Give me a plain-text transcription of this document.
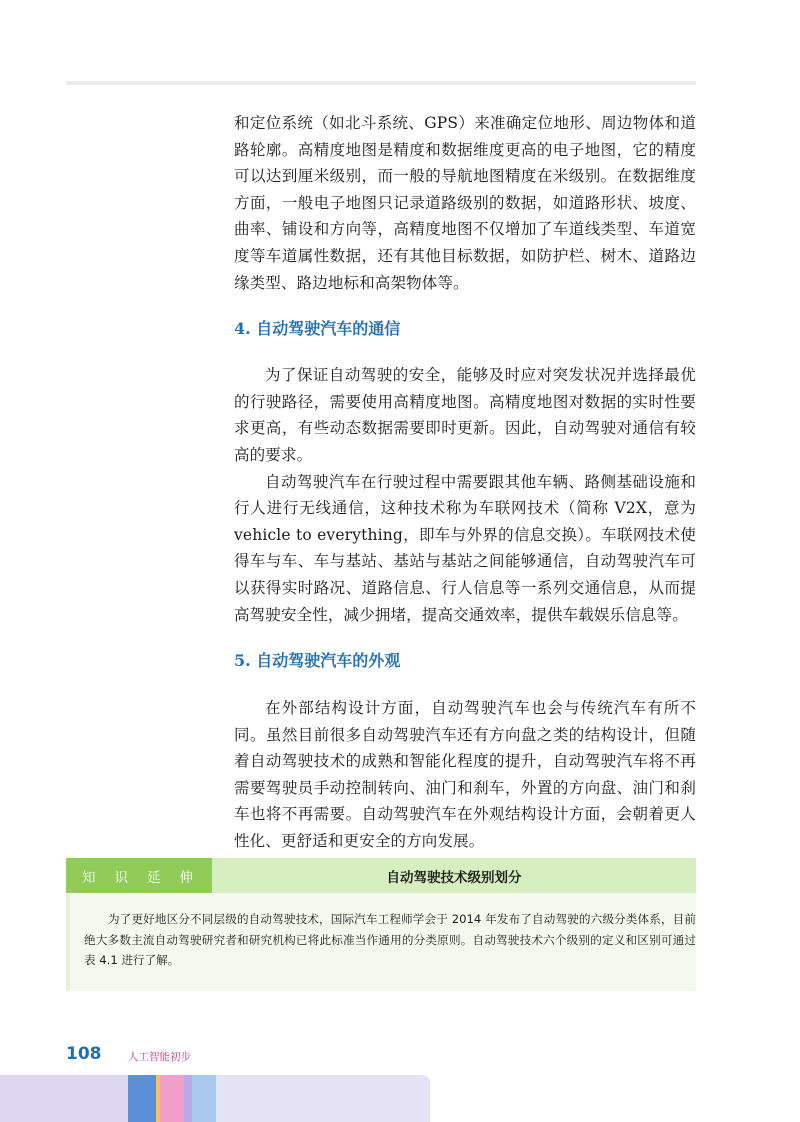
和定位系统（如北斗系统、GPS）来准确定位地形、周边物体和道路轮廓。高精度地图是精度和数据维度更高的电子地图，它的精度可以达到厘米级别，而一般的导航地图精度在米级别。在数据维度方面，一般电子地图只记录道路级别的数据，如道路形状、坡度、曲率、铺设和方向等，高精度地图不仅增加了车道线类型、车道宽度等车道属性数据，还有其他目标数据，如防护栏、树木、道路边缘类型、路边地标和高架物体等。

4. 自动驾驶汽车的通信

为了保证自动驾驶的安全，能够及时应对突发状况并选择最优的行驶路径，需要使用高精度地图。高精度地图对数据的实时性要求更高，有些动态数据需要即时更新。因此，自动驾驶对通信有较高的要求。

自动驾驶汽车在行驶过程中需要跟其他车辆、路侧基础设施和行人进行无线通信，这种技术称为车联网技术（简称 V2X，意为 vehicle to everything，即车与外界的信息交换）。车联网技术使得车与车、车与基站、基站与基站之间能够通信，自动驾驶汽车可以获得实时路况、道路信息、行人信息等一系列交通信息，从而提高驾驶安全性，减少拥堵，提高交通效率，提供车载娱乐信息等。

5. 自动驾驶汽车的外观

在外部结构设计方面，自动驾驶汽车也会与传统汽车有所不同。虽然目前很多自动驾驶汽车还有方向盘之类的结构设计，但随着自动驾驶技术的成熟和智能化程度的提升，自动驾驶汽车将不再需要驾驶员手动控制转向、油门和刹车，外置的方向盘、油门和刹车也将不再需要。自动驾驶汽车在外观结构设计方面，会朝着更人性化、更舒适和更安全的方向发展。

知识延伸	自动驾驶技术级别划分

为了更好地区分不同层级的自动驾驶技术，国际汽车工程师学会于 2014 年发布了自动驾驶的六级分类体系，目前绝大多数主流自动驾驶研究者和研究机构已将此标准当作通用的分类原则。自动驾驶技术六个级别的定义和区别可通过表 4.1 进行了解。

108	人工智能初步
